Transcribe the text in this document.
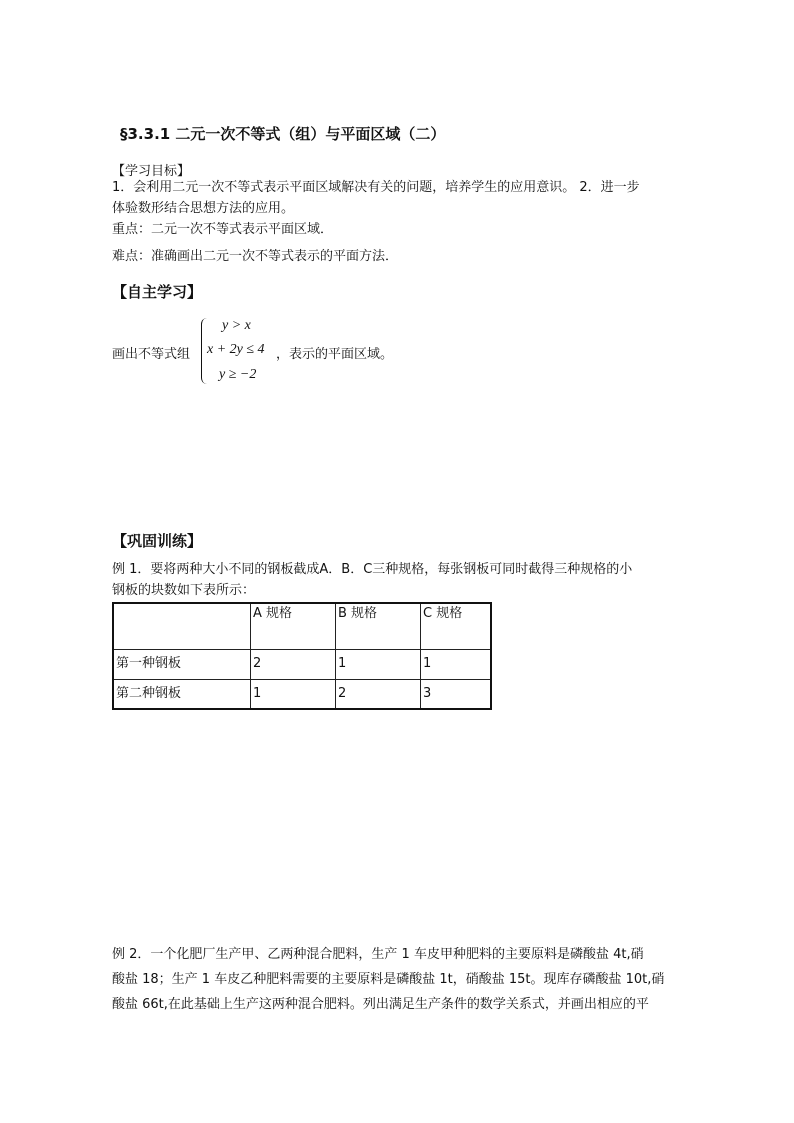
§3.3.1 二元一次不等式（组）与平面区域（二）
【学习目标】
1．会利用二元一次不等式表示平面区域解决有关的问题，培养学生的应用意识。 2．进一步
体验数形结合思想方法的应用。
重点：二元一次不等式表示平面区域．
难点：准确画出二元一次不等式表示的平面方法．
【自主学习】
画出不等式组
y > x
x + 2y ≤ 4
y ≥ −2
，表示的平面区域。
【巩固训练】
例 1．要将两种大小不同的钢板截成A．B．C三种规格，每张钢板可同时截得三种规格的小
钢板的块数如下表所示：
	A 规格	B 规格	C 规格
第一种钢板	2	1	1
第二种钢板	1	2	3
例 2．一个化肥厂生产甲、乙两种混合肥料，生产 1 车皮甲种肥料的主要原料是磷酸盐 4t,硝
酸盐 18；生产 1 车皮乙种肥料需要的主要原料是磷酸盐 1t，硝酸盐 15t。现库存磷酸盐 10t,硝
酸盐 66t,在此基础上生产这两种混合肥料。列出满足生产条件的数学关系式，并画出相应的平
